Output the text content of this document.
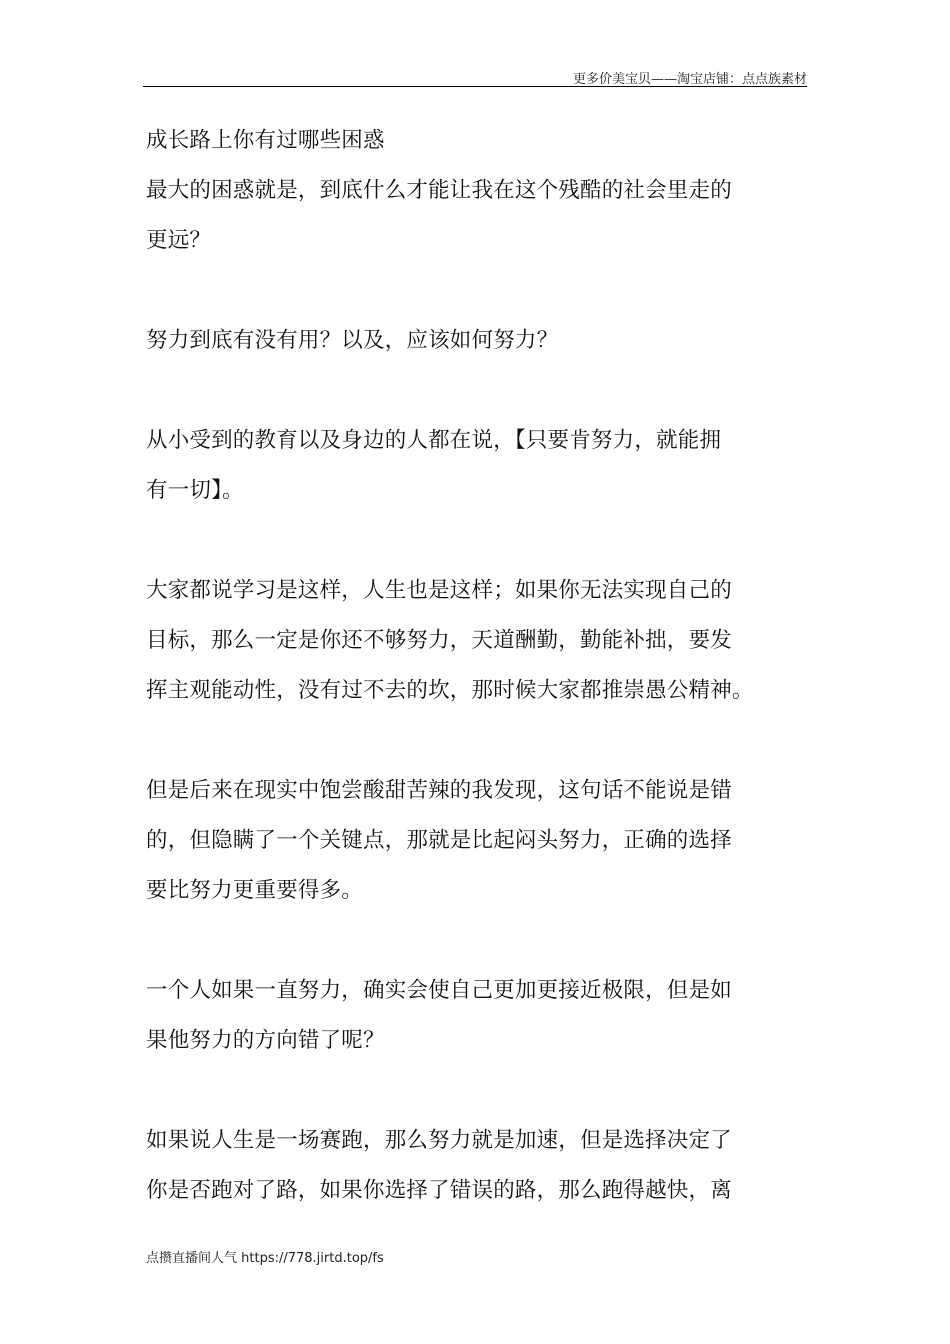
更多价美宝贝——淘宝店铺：点点族素材
成长路上你有过哪些困惑
最大的困惑就是，到底什么才能让我在这个残酷的社会里走的
更远？
努力到底有没有用？以及，应该如何努力？
从小受到的教育以及身边的人都在说，【只要肯努力，就能拥
有一切】。
大家都说学习是这样，人生也是这样；如果你无法实现自己的
目标，那么一定是你还不够努力，天道酬勤，勤能补拙，要发
挥主观能动性，没有过不去的坎，那时候大家都推崇愚公精神。
但是后来在现实中饱尝酸甜苦辣的我发现，这句话不能说是错
的，但隐瞒了一个关键点，那就是比起闷头努力，正确的选择
要比努力更重要得多。
一个人如果一直努力，确实会使自己更加更接近极限，但是如
果他努力的方向错了呢？
如果说人生是一场赛跑，那么努力就是加速，但是选择决定了
你是否跑对了路，如果你选择了错误的路，那么跑得越快，离
点攒直播间人气 https://778.jirtd.top/fs
